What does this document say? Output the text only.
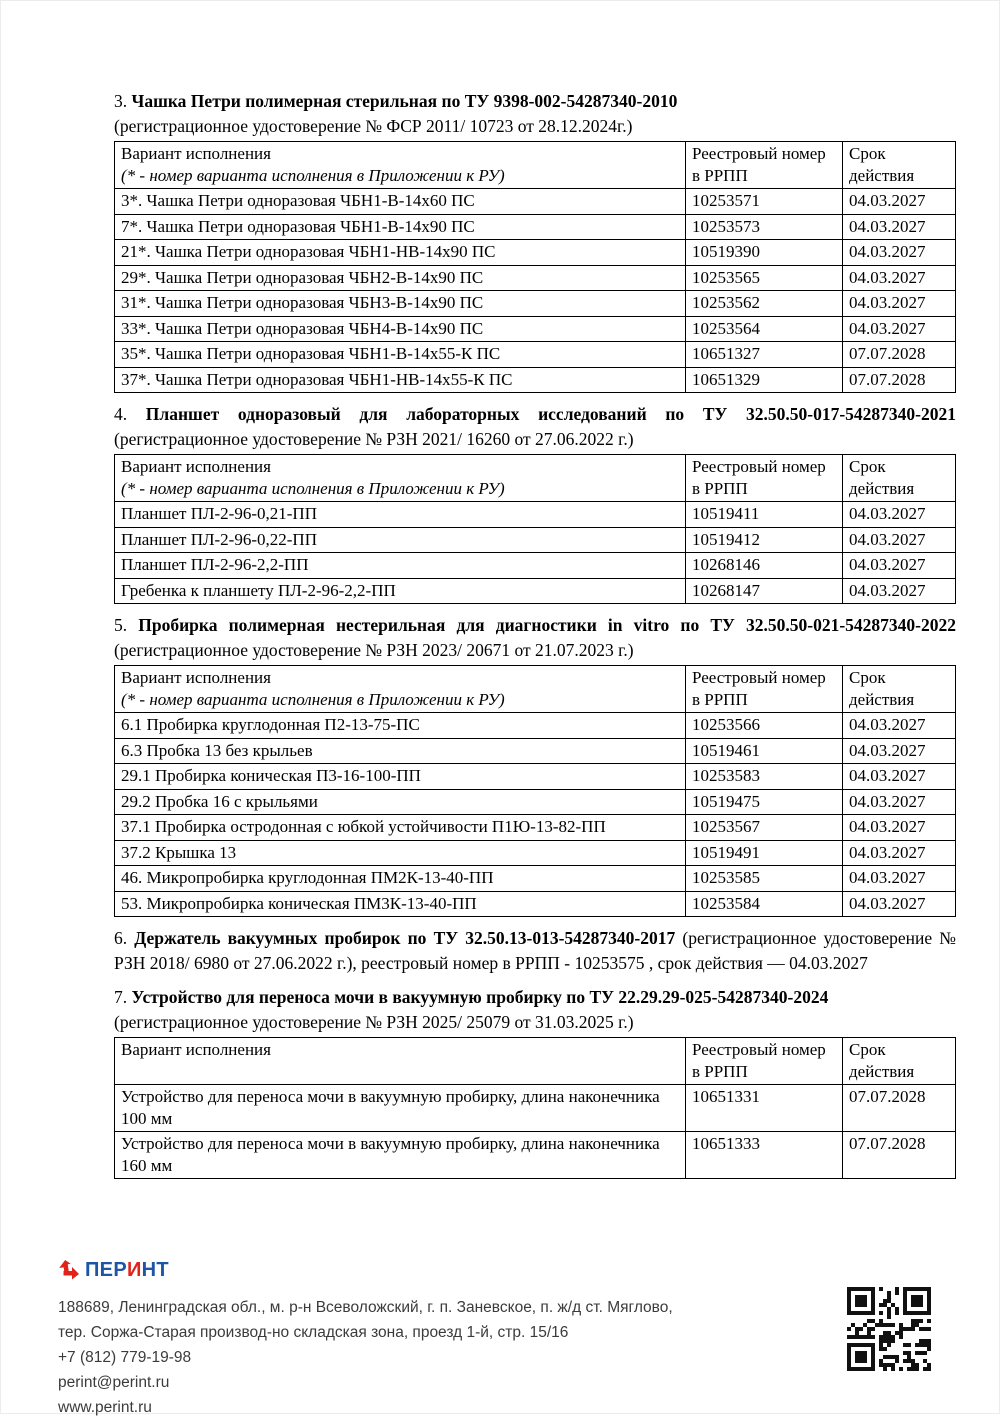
3. Чашка Петри полимерная стерильная по ТУ 9398-002-54287340-2010
(регистрационное удостоверение № ФСР 2011/ 10723 от 28.12.2024г.)

Вариант исполнения
(* - номер варианта исполнения в Приложении к РУ)	Реестровый номер в РРПП	Срок действия
3*. Чашка Петри одноразовая ЧБН1-В-14х60 ПС	10253571	04.03.2027
7*. Чашка Петри одноразовая ЧБН1-В-14х90 ПС	10253573	04.03.2027
21*. Чашка Петри одноразовая ЧБН1-НВ-14х90 ПС	10519390	04.03.2027
29*. Чашка Петри одноразовая ЧБН2-В-14х90 ПС	10253565	04.03.2027
31*. Чашка Петри одноразовая ЧБН3-В-14х90 ПС	10253562	04.03.2027
33*. Чашка Петри одноразовая ЧБН4-В-14х90 ПС	10253564	04.03.2027
35*. Чашка Петри одноразовая ЧБН1-В-14х55-К ПС	10651327	07.07.2028
37*. Чашка Петри одноразовая ЧБН1-НВ-14х55-К ПС	10651329	07.07.2028

4. Планшет одноразовый для лабораторных исследований по ТУ 32.50.50-017-54287340-2021 (регистрационное удостоверение № РЗН 2021/ 16260 от 27.06.2022 г.)

Вариант исполнения
(* - номер варианта исполнения в Приложении к РУ)	Реестровый номер в РРПП	Срок действия
Планшет ПЛ-2-96-0,21-ПП	10519411	04.03.2027
Планшет ПЛ-2-96-0,22-ПП	10519412	04.03.2027
Планшет ПЛ-2-96-2,2-ПП	10268146	04.03.2027
Гребенка к планшету ПЛ-2-96-2,2-ПП	10268147	04.03.2027

5. Пробирка полимерная нестерильная для диагностики in vitro по ТУ 32.50.50-021-54287340-2022 (регистрационное удостоверение № РЗН 2023/ 20671 от 21.07.2023 г.)

Вариант исполнения
(* - номер варианта исполнения в Приложении к РУ)	Реестровый номер в РРПП	Срок действия
6.1 Пробирка круглодонная П2-13-75-ПС	10253566	04.03.2027
6.3 Пробка 13 без крыльев	10519461	04.03.2027
29.1 Пробирка коническая П3-16-100-ПП	10253583	04.03.2027
29.2 Пробка 16 с крыльями	10519475	04.03.2027
37.1 Пробирка остродонная с юбкой устойчивости П1Ю-13-82-ПП	10253567	04.03.2027
37.2 Крышка 13	10519491	04.03.2027
46. Микропробирка круглодонная ПМ2К-13-40-ПП	10253585	04.03.2027
53. Микропробирка коническая ПМ3К-13-40-ПП	10253584	04.03.2027

6. Держатель вакуумных пробирок по ТУ 32.50.13-013-54287340-2017 (регистрационное удостоверение № РЗН 2018/ 6980 от 27.06.2022 г.), реестровый номер в РРПП - 10253575 , срок действия — 04.03.2027

7. Устройство для переноса мочи в вакуумную пробирку по ТУ 22.29.29-025-54287340-2024
(регистрационное удостоверение № РЗН 2025/ 25079 от 31.03.2025 г.)

Вариант исполнения	Реестровый номер в РРПП	Срок действия
Устройство для переноса мочи в вакуумную пробирку, длина наконечника 100 мм	10651331	07.07.2028
Устройство для переноса мочи в вакуумную пробирку, длина наконечника 160 мм	10651333	07.07.2028
ПЕРИНТ
188689, Ленинградская обл., м. р-н Всеволожский, г. п. Заневское, п. ж/д ст. Мяглово,
тер. Соржа-Старая производ-но складская зона, проезд 1-й, стр. 15/16
+7 (812) 779-19-98
perint@perint.ru
www.perint.ru
